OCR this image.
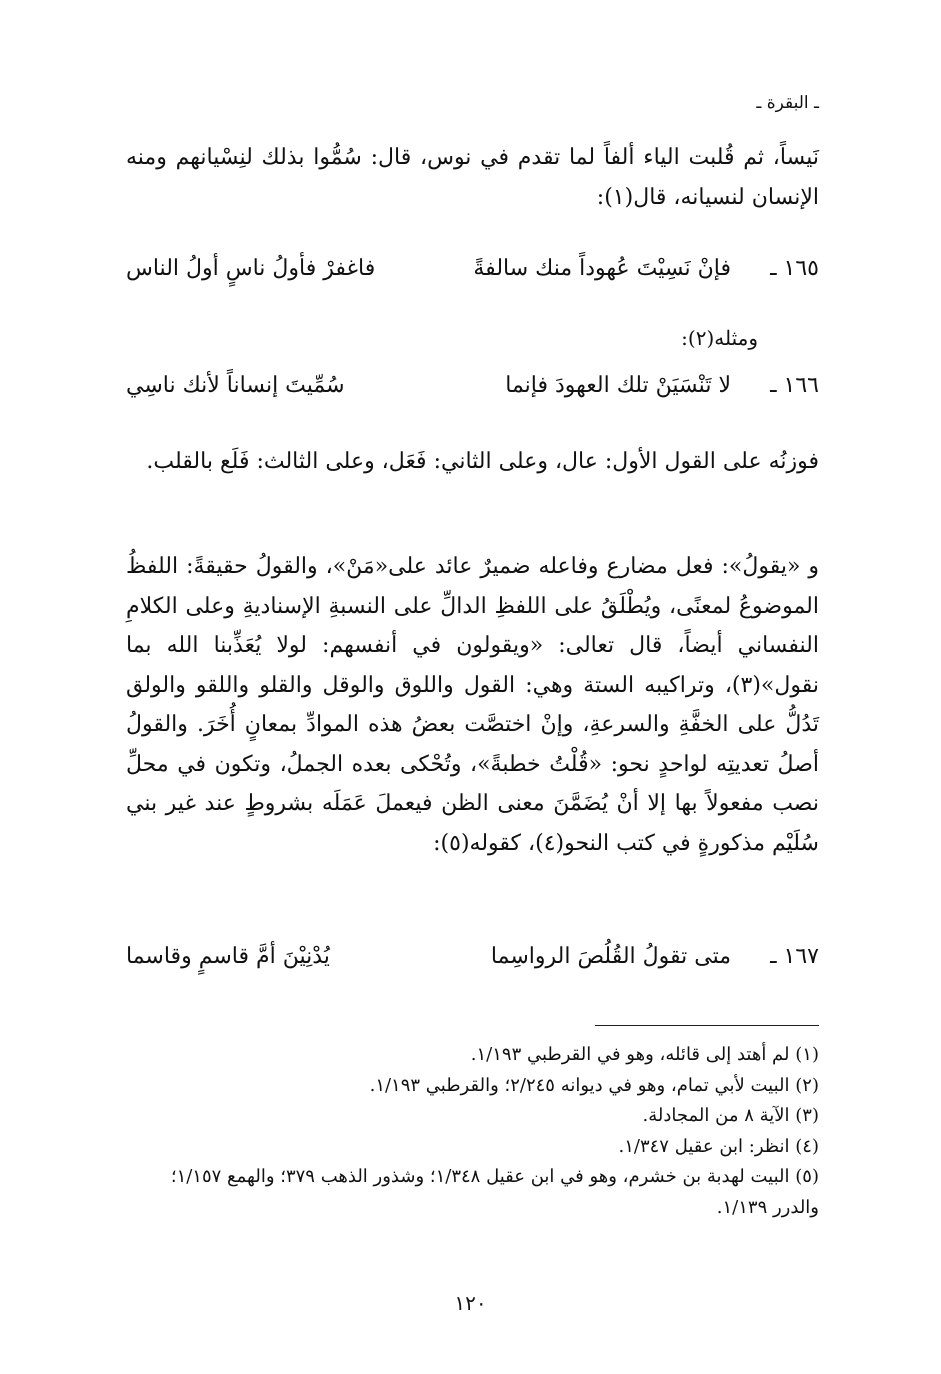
ـ البقرة ـ
نَيساً، ثم قُلبت الياء ألفاً لما تقدم في نوس، قال: سُمُّوا بذلك لنِسْيانهم ومنه الإنسان لنسيانه، قال(١):
١٦٥ ـ
فإنْ نَسِيْتَ عُهوداً منك سالفةً
فاغفرْ فأولُ ناسٍ أولُ الناس
ومثله(٢):
١٦٦ ـ
لا تَنْسَيَنْ تلك العهودَ فإنما
سُمِّيتَ إنساناً لأنك ناسِي
فوزنُه على القول الأول: عال، وعلى الثاني: فَعَل، وعلى الثالث: فَلَع بالقلب.
و «يقولُ»: فعل مضارع وفاعله ضميرٌ عائد على«مَنْ»، والقولُ حقيقةً: اللفظُ الموضوعُ لمعنًى، ويُطْلَقُ على اللفظِ الدالِّ على النسبةِ الإسناديةِ وعلى الكلامِ النفساني أيضاً، قال تعالى: «ويقولون في أنفسهم: لولا يُعَذِّبنا الله بما نقول»(٣)، وتراكيبه الستة وهي: القول واللوق والوقل والقلو واللقو والولق تَدُلُّ على الخفَّةِ والسرعةِ، وإنْ اختصَّت بعضُ هذه الموادِّ بمعانٍ أُخَرَ. والقولُ أصلُ تعديتِه لواحدٍ نحو: «قُلْتُ خطبةً»، وتُحْكى بعده الجملُ، وتكون في محلِّ نصب مفعولاً بها إلا أنْ يُضَمَّنَ معنى الظن فيعملَ عَمَلَه بشروطٍ عند غير بني سُلَيْم مذكورةٍ في كتب النحو(٤)، كقوله(٥):
١٦٧ ـ
متى تقولُ القُلُصَ الرواسِما
يُدْنِيْنَ أمَّ قاسمٍ وقاسما
(١) لم أهتد إلى قائله، وهو في القرطبي ١/١٩٣.
(٢) البيت لأبي تمام، وهو في ديوانه ٢/٢٤٥؛ والقرطبي ١/١٩٣.
(٣) الآية ٨ من المجادلة.
(٤) انظر: ابن عقيل ١/٣٤٧.
(٥) البيت لهدبة بن خشرم، وهو في ابن عقيل ١/٣٤٨؛ وشذور الذهب ٣٧٩؛ والهمع ١/١٥٧؛ والدرر ١/١٣٩.
١٢٠
